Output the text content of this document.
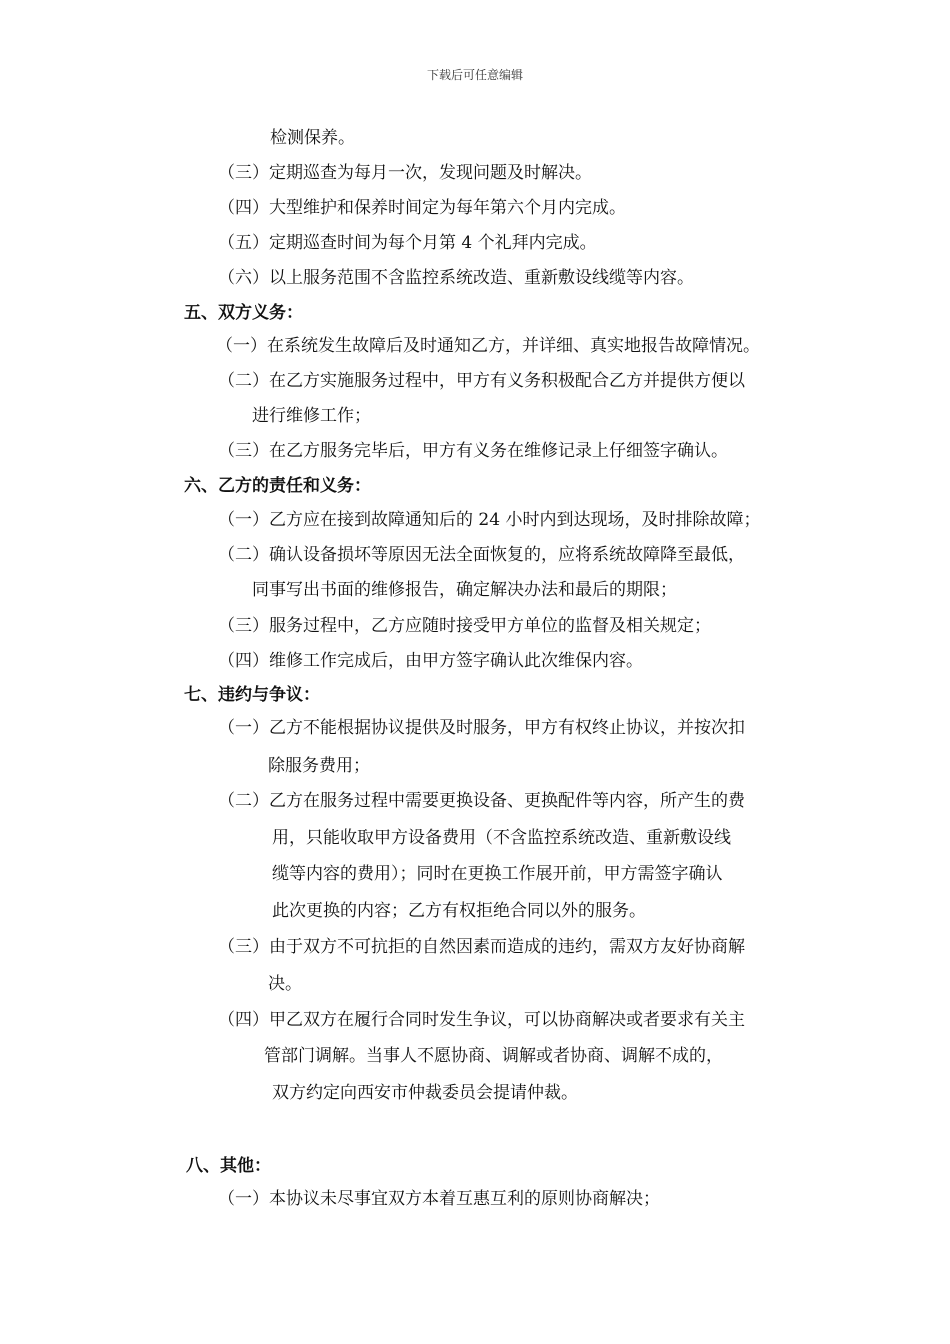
下载后可任意编辑
检测保养。
（三）定期巡查为每月一次，发现问题及时解决。
（四）大型维护和保养时间定为每年第六个月内完成。
（五）定期巡查时间为每个月第 4 个礼拜内完成。
（六）以上服务范围不含监控系统改造、重新敷设线缆等内容。
五、双方义务：
（一）在系统发生故障后及时通知乙方，并详细、真实地报告故障情况。
（二）在乙方实施服务过程中，甲方有义务积极配合乙方并提供方便以
进行维修工作；
（三）在乙方服务完毕后，甲方有义务在维修记录上仔细签字确认。
六、乙方的责任和义务：
（一）乙方应在接到故障通知后的 24 小时内到达现场，及时排除故障；
（二）确认设备损坏等原因无法全面恢复的，应将系统故障降至最低，
同事写出书面的维修报告，确定解决办法和最后的期限；
（三）服务过程中，乙方应随时接受甲方单位的监督及相关规定；
（四）维修工作完成后，由甲方签字确认此次维保内容。
七、违约与争议：
（一）乙方不能根据协议提供及时服务，甲方有权终止协议，并按次扣
除服务费用；
（二）乙方在服务过程中需要更换设备、更换配件等内容，所产生的费
用，只能收取甲方设备费用（不含监控系统改造、重新敷设线
缆等内容的费用）；同时在更换工作展开前，甲方需签字确认
此次更换的内容；乙方有权拒绝合同以外的服务。
（三）由于双方不可抗拒的自然因素而造成的违约，需双方友好协商解
决。
（四）甲乙双方在履行合同时发生争议，可以协商解决或者要求有关主
管部门调解。当事人不愿协商、调解或者协商、调解不成的，
双方约定向西安市仲裁委员会提请仲裁。
八、其他：
（一）本协议未尽事宜双方本着互惠互利的原则协商解决；
